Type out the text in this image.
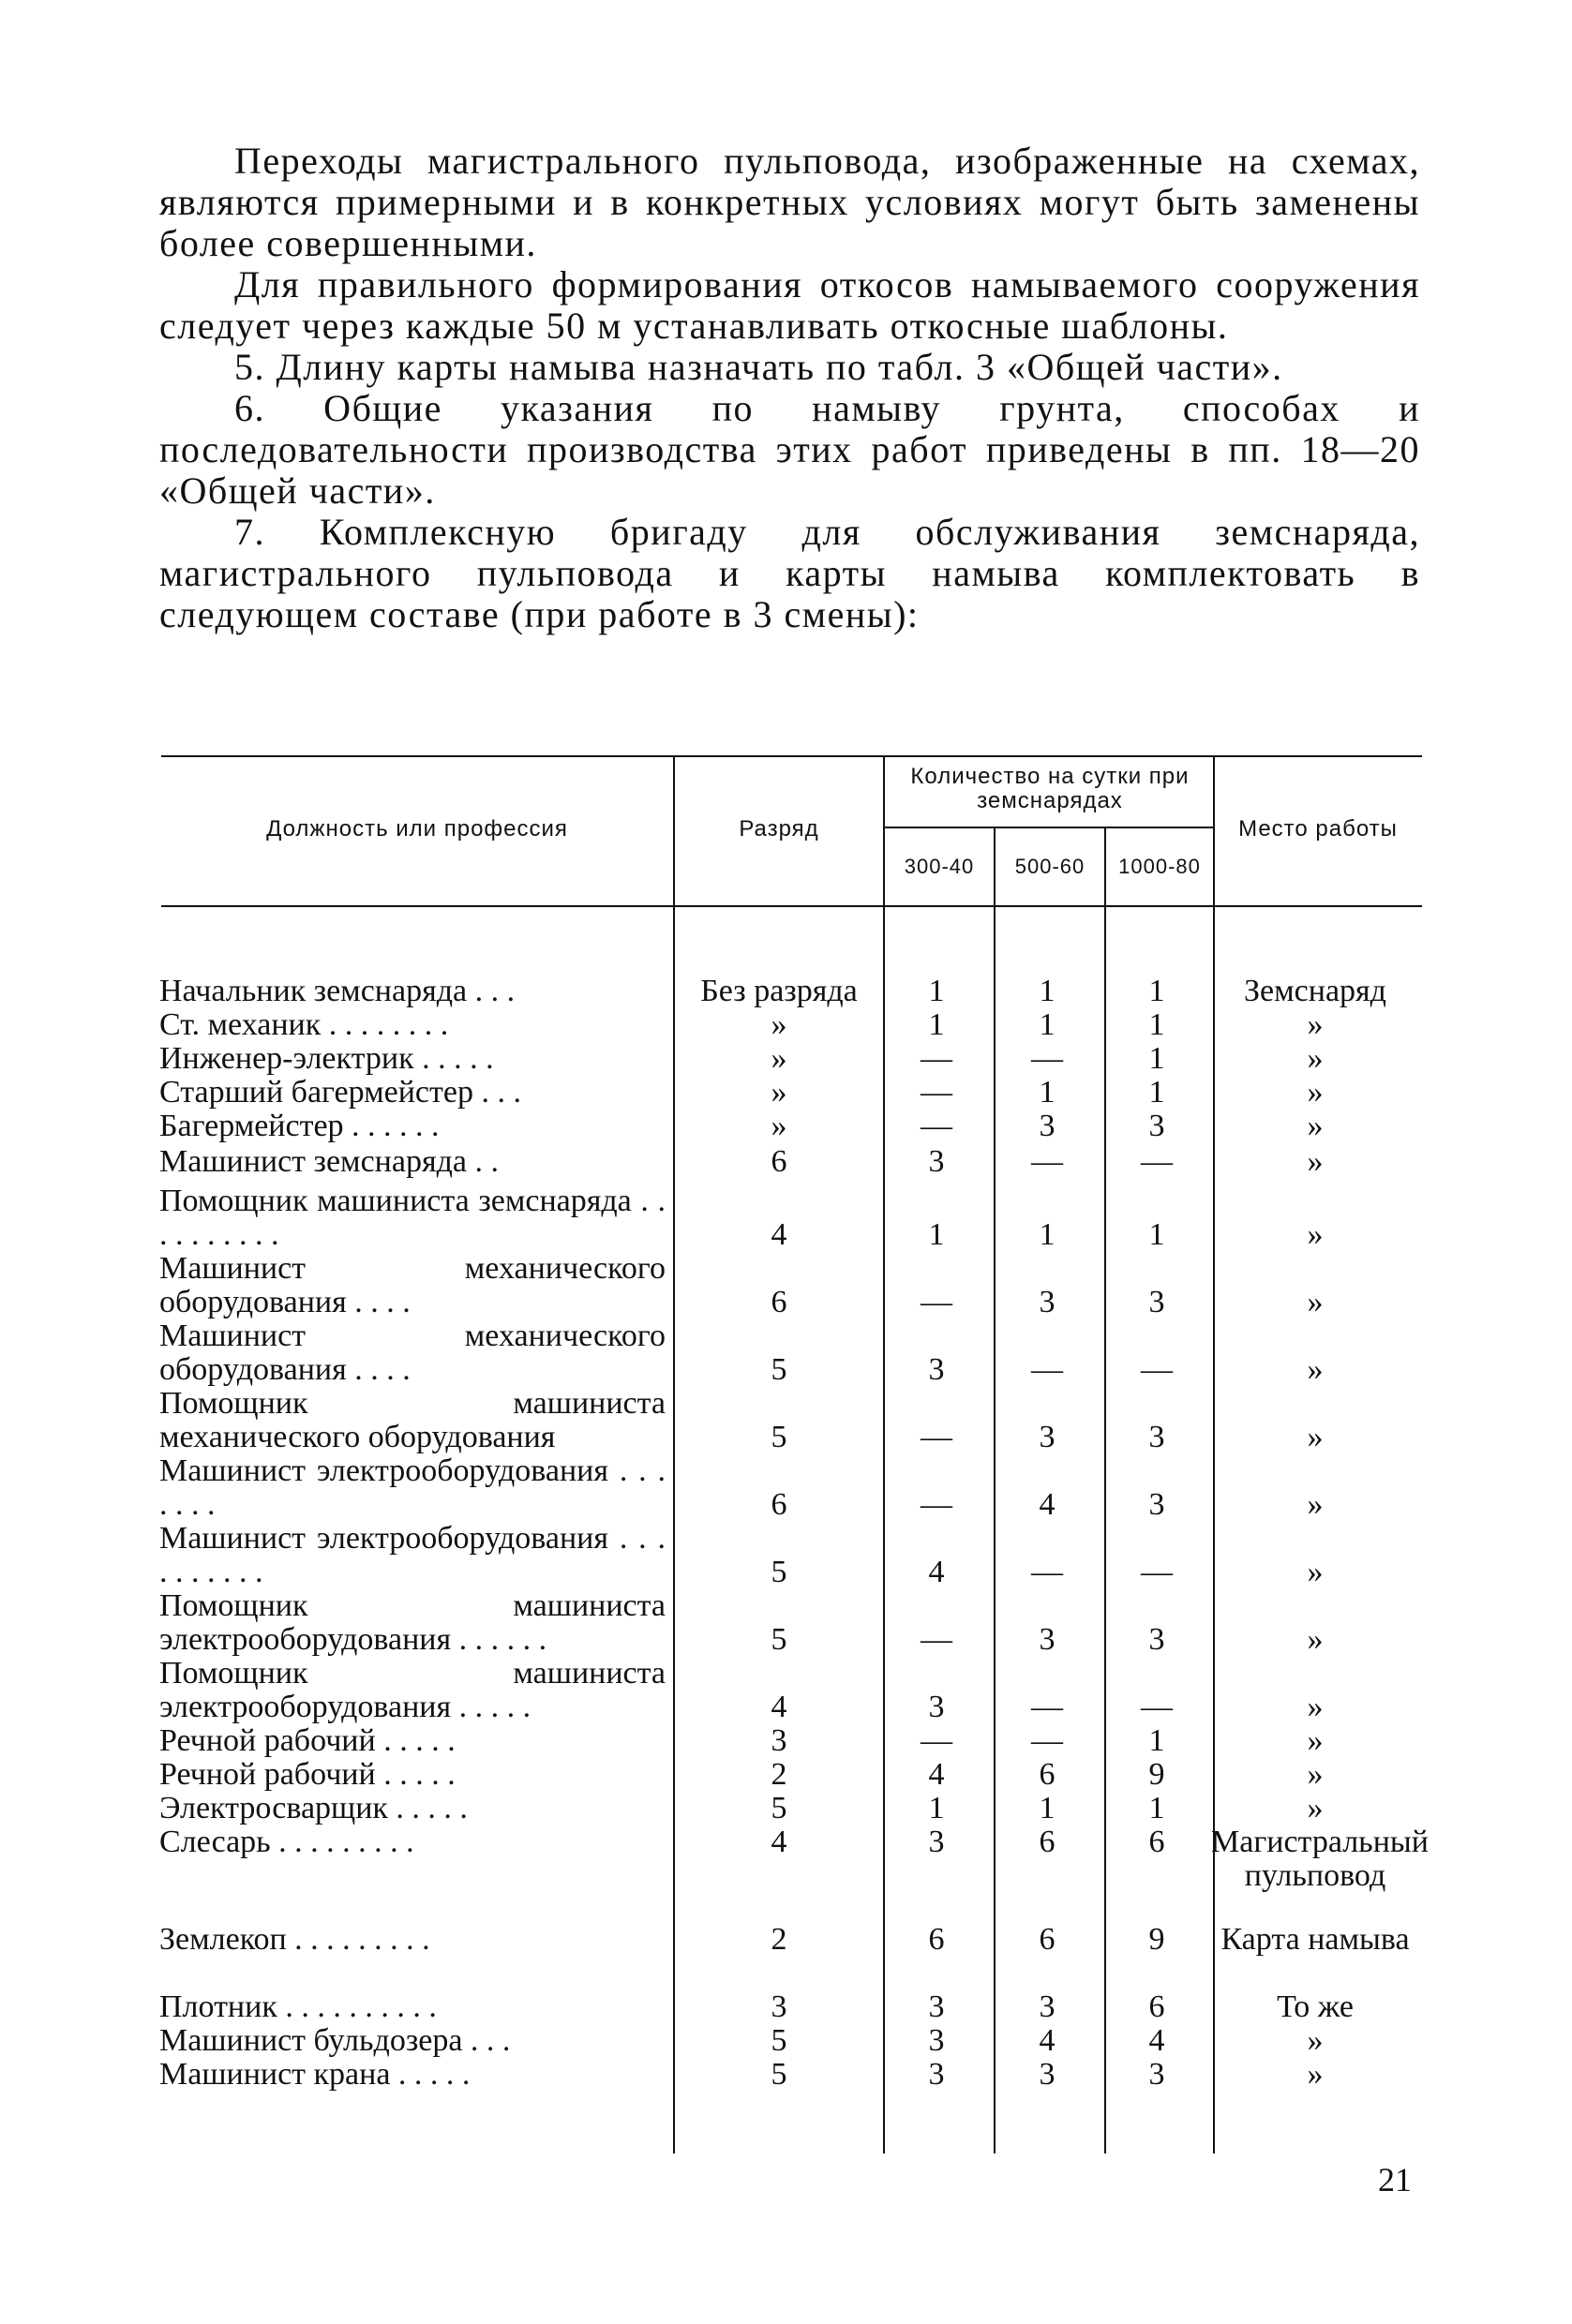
Переходы магистрального пульповода, изображенные на схемах, являются примерными и в конкретных условиях могут быть заменены более совершенными.

Для правильного формирования откосов намываемого сооружения следует через каждые 50 м устанавливать откосные шаблоны.

5. Длину карты намыва назначать по табл. 3 «Общей части».

6. Общие указания по намыву грунта, способах и последовательности производства этих работ приведены в пп. 18—20 «Общей части».

7. Комплексную бригаду для обслуживания земснаряда, магистрального пульповода и карты намыва комплектовать в следующем составе (при работе в 3 смены):

Должность или профессия	Разряд
Количество на сутки при земснарядах
300-40	500-60	1000-80
Место работы
Начальник земснаряда . . .	Без разряда	1	1	1	Земснаряд
Ст. механик . . . . . . . .	»	1	1	1	»
Инженер-электрик . . . . .	»	—	—	1	»
Старший багермейстер . . .	»	—	1	1	»
Багермейстер . . . . . .	»	—	3	3	»
Машинист земснаряда . .	6	3	—	—	»
Помощник машиниста земснаряда . . . . . . . . . .	4	1	1	1	»
Машинист механического оборудования . . . .	6	—	3	3	»
Машинист механического оборудования . . . .	5	3	—	—	»
Помощник машиниста механического оборудования	5	—	3	3	»
Машинист электрооборудования . . . . . . .	6	—	4	3	»
Машинист электрооборудования . . . . . . . . . .	5	4	—	—	»
Помощник машиниста электрооборудования . . . . . .	5	—	3	3	»
Помощник машиниста электрооборудования . . . . .	4	3	—	—	»
Речной рабочий . . . . .	3	—	—	1	»
Речной рабочий . . . . .	2	4	6	9	»
Электросварщик . . . . .	5	1	1	1	»
Слесарь . . . . . . . . .	4	3	6	6	Магистральный пульповод
Землекоп . . . . . . . . .	2	6	6	9	Карта намыва
Плотник . . . . . . . . . .	3	3	3	6	То же
Машинист бульдозера . . .	5	3	4	4	»
Машинист крана . . . . .	5	3	3	3	»
21
